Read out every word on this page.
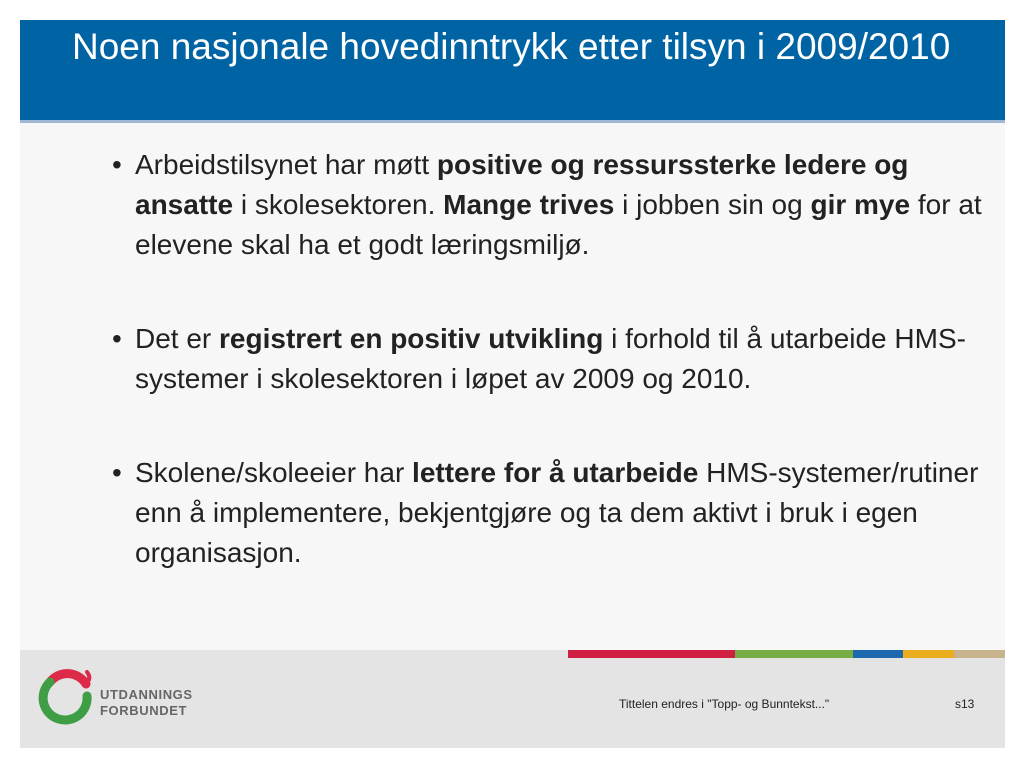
Noen nasjonale hovedinntrykk etter tilsyn i 2009/2010
• Arbeidstilsynet har møtt positive og ressurssterke ledere og ansatte i skolesektoren. Mange trives i jobben sin og gir mye for at elevene skal ha et godt læringsmiljø.
• Det er registrert en positiv utvikling i forhold til å utarbeide HMS-systemer i skolesektoren i løpet av 2009 og 2010.
• Skolene/skoleeier har lettere for å utarbeide HMS-systemer/rutiner enn å implementere, bekjentgjøre og ta dem aktivt i bruk i egen organisasjon.
UTDANNINGS
FORBUNDET	Tittelen endres i "Topp- og Bunntekst..."	s13
